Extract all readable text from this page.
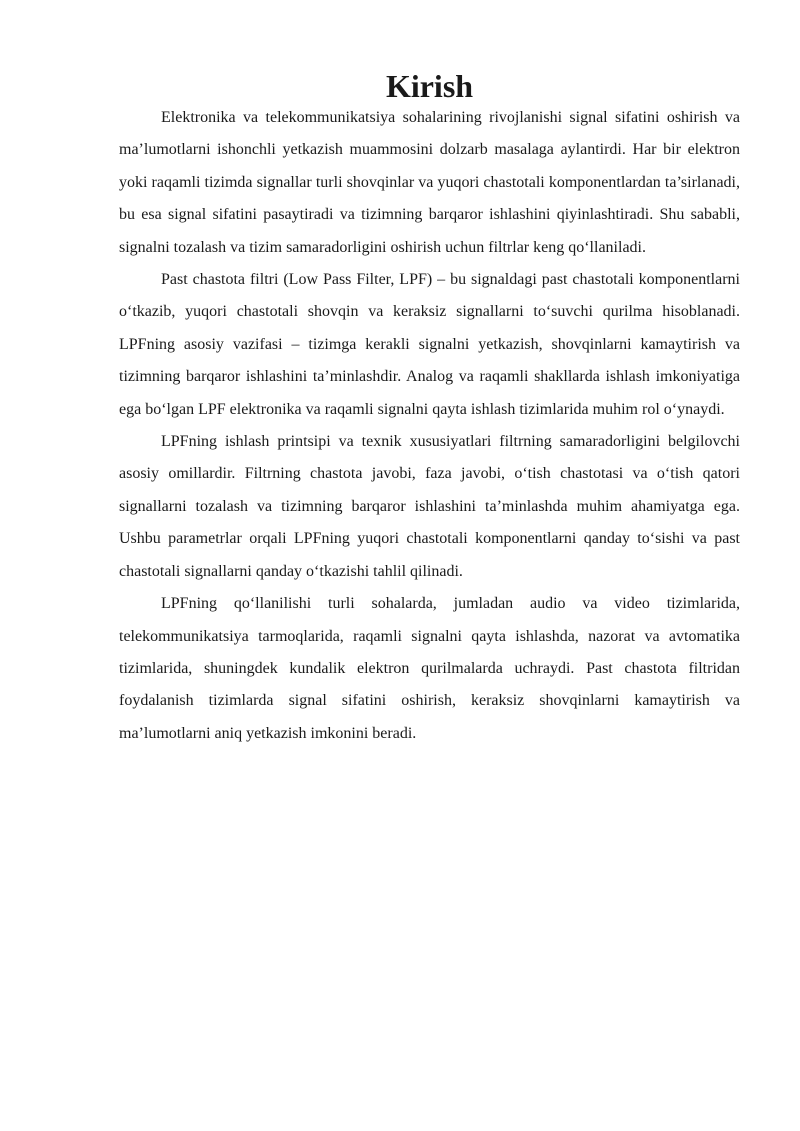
Kirish

Elektronika va telekommunikatsiya sohalarining rivojlanishi signal sifatini oshirish va ma’lumotlarni ishonchli yetkazish muammosini dolzarb masalaga aylantirdi. Har bir elektron yoki raqamli tizimda signallar turli shovqinlar va yuqori chastotali komponentlardan ta’sirlanadi, bu esa signal sifatini pasaytiradi va tizimning barqaror ishlashini qiyinlashtiradi. Shu sababli, signalni tozalash va tizim samaradorligini oshirish uchun filtrlar keng qo‘llaniladi.

Past chastota filtri (Low Pass Filter, LPF) – bu signaldagi past chastotali komponentlarni o‘tkazib, yuqori chastotali shovqin va keraksiz signallarni to‘suvchi qurilma hisoblanadi. LPFning asosiy vazifasi – tizimga kerakli signalni yetkazish, shovqinlarni kamaytirish va tizimning barqaror ishlashini ta’minlashdir. Analog va raqamli shakllarda ishlash imkoniyatiga ega bo‘lgan LPF elektronika va raqamli signalni qayta ishlash tizimlarida muhim rol o‘ynaydi.

LPFning ishlash printsipi va texnik xususiyatlari filtrning samaradorligini belgilovchi asosiy omillardir. Filtrning chastota javobi, faza javobi, o‘tish chastotasi va o‘tish qatori signallarni tozalash va tizimning barqaror ishlashini ta’minlashda muhim ahamiyatga ega. Ushbu parametrlar orqali LPFning yuqori chastotali komponentlarni qanday to‘sishi va past chastotali signallarni qanday o‘tkazishi tahlil qilinadi.

LPFning qo‘llanilishi turli sohalarda, jumladan audio va video tizimlarida, telekommunikatsiya tarmoqlarida, raqamli signalni qayta ishlashda, nazorat va avtomatika tizimlarida, shuningdek kundalik elektron qurilmalarda uchraydi. Past chastota filtridan foydalanish tizimlarda signal sifatini oshirish, keraksiz shovqinlarni kamaytirish va ma’lumotlarni aniq yetkazish imkonini beradi.
